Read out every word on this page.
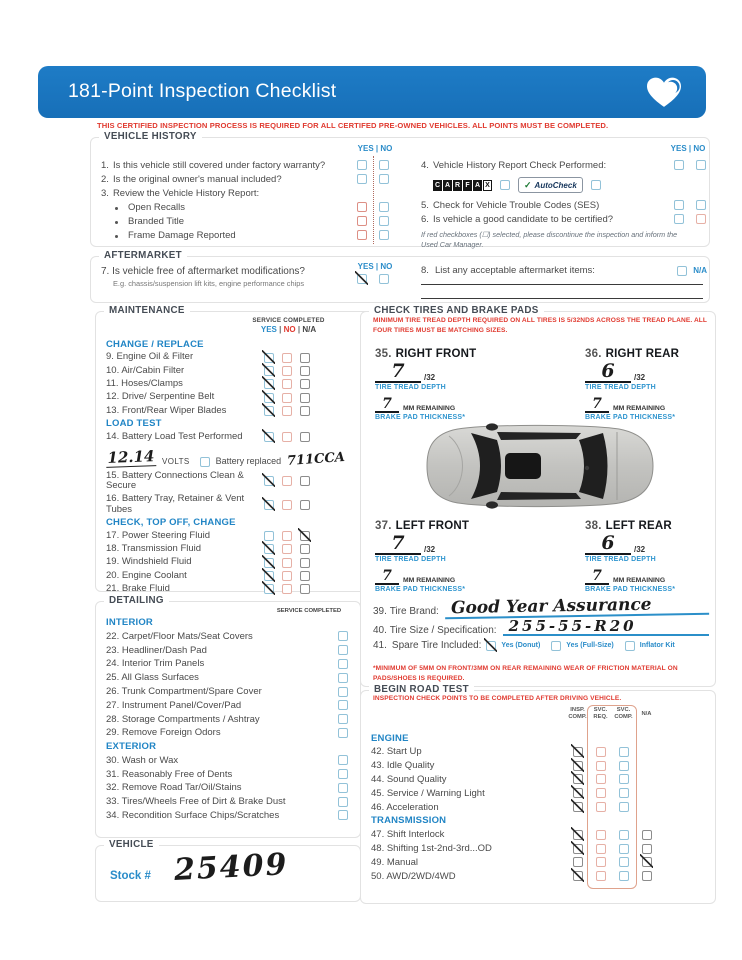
181-Point Inspection Checklist
THIS CERTIFIED INSPECTION PROCESS IS REQUIRED FOR ALL CERTIFED PRE-OWNED VEHICLES. ALL POINTS MUST BE COMPLETED.
VEHICLE HISTORY
YES | NO	YES | NO
1. Is this vehicle still covered under factory warranty?
2. Is the original owner's manual included?
3. Review the Vehicle History Report:
Open Recalls
Branded Title
Frame Damage Reported
4. Vehicle History Report Check Performed:
C A R F A X	✓ AutoCheck
5. Check for Vehicle Trouble Codes (SES)
6. Is vehicle a good candidate to be certified?
If red checkboxes (☐) selected, please discontinue the inspection and inform the Used Car Manager.
AFTERMARKET
7. Is vehicle free of aftermarket modifications?
E.g. chassis/suspension lift kits, engine performance chips
YES | NO	8. List any acceptable aftermarket items:	N/A
MAINTENANCE
SERVICE COMPLETED
YES | NO | N/A
CHANGE / REPLACE
9. Engine Oil & Filter
10. Air/Cabin Filter
11. Hoses/Clamps
12. Drive/ Serpentine Belt
13. Front/Rear Wiper Blades
LOAD TEST
14. Battery Load Test Performed
12.14 VOLTS	Battery replaced 711CCA
15. Battery Connections Clean & Secure
16. Battery Tray, Retainer & Vent Tubes
CHECK, TOP OFF, CHANGE
17. Power Steering Fluid
18. Transmission Fluid
19. Windshield Fluid
20. Engine Coolant
21. Brake Fluid
CHECK TIRES AND BRAKE PADS
MINIMUM TIRE TREAD DEPTH REQUIRED ON ALL TIRES IS 5/32NDS ACROSS THE TREAD PLANE. ALL FOUR TIRES MUST BE MATCHING SIZES.
35. RIGHT FRONT
7	/32
TIRE TREAD DEPTH
7	MM REMAINING
BRAKE PAD THICKNESS*
36. RIGHT REAR
6	/32
TIRE TREAD DEPTH
7	MM REMAINING
BRAKE PAD THICKNESS*
37. LEFT FRONT
7	/32
TIRE TREAD DEPTH
7	MM REMAINING
BRAKE PAD THICKNESS*
38. LEFT REAR
6	/32
TIRE TREAD DEPTH
7	MM REMAINING
BRAKE PAD THICKNESS*
39.
Tire Brand: Good Year Assurance
40.
Tire Size / Specification: 255-55-R20
41. Spare Tire Included:	Yes (Donut)	Yes (Full-Size)	Inflator Kit
*MINIMUM OF 5MM ON FRONT/3MM ON REAR REMAINING WEAR OF FRICTION MATERIAL ON PADS/SHOES IS REQUIRED.
DETAILING
SERVICE COMPLETED
INTERIOR
22. Carpet/Floor Mats/Seat Covers
23. Headliner/Dash Pad
24. Interior Trim Panels
25. All Glass Surfaces
26. Trunk Compartment/Spare Cover
27. Instrument Panel/Cover/Pad
28. Storage Compartments / Ashtray
29. Remove Foreign Odors
EXTERIOR
30. Wash or Wax
31. Reasonably Free of Dents
32. Remove Road Tar/Oil/Stains
33. Tires/Wheels Free of Dirt & Brake Dust
34. Recondition Surface Chips/Scratches
VEHICLE
Stock # 25409
BEGIN ROAD TEST
INSPECTION CHECK POINTS TO BE COMPLETED AFTER DRIVING VEHICLE.
INSP.
COMP.
SVC.
REQ.
SVC.
COMP.
N/A
ENGINE
42. Start Up
43. Idle Quality
44. Sound Quality
45. Service / Warning Light
46. Acceleration
TRANSMISSION
47. Shift Interlock
48. Shifting 1st-2nd-3rd...OD
49. Manual
50. AWD/2WD/4WD
